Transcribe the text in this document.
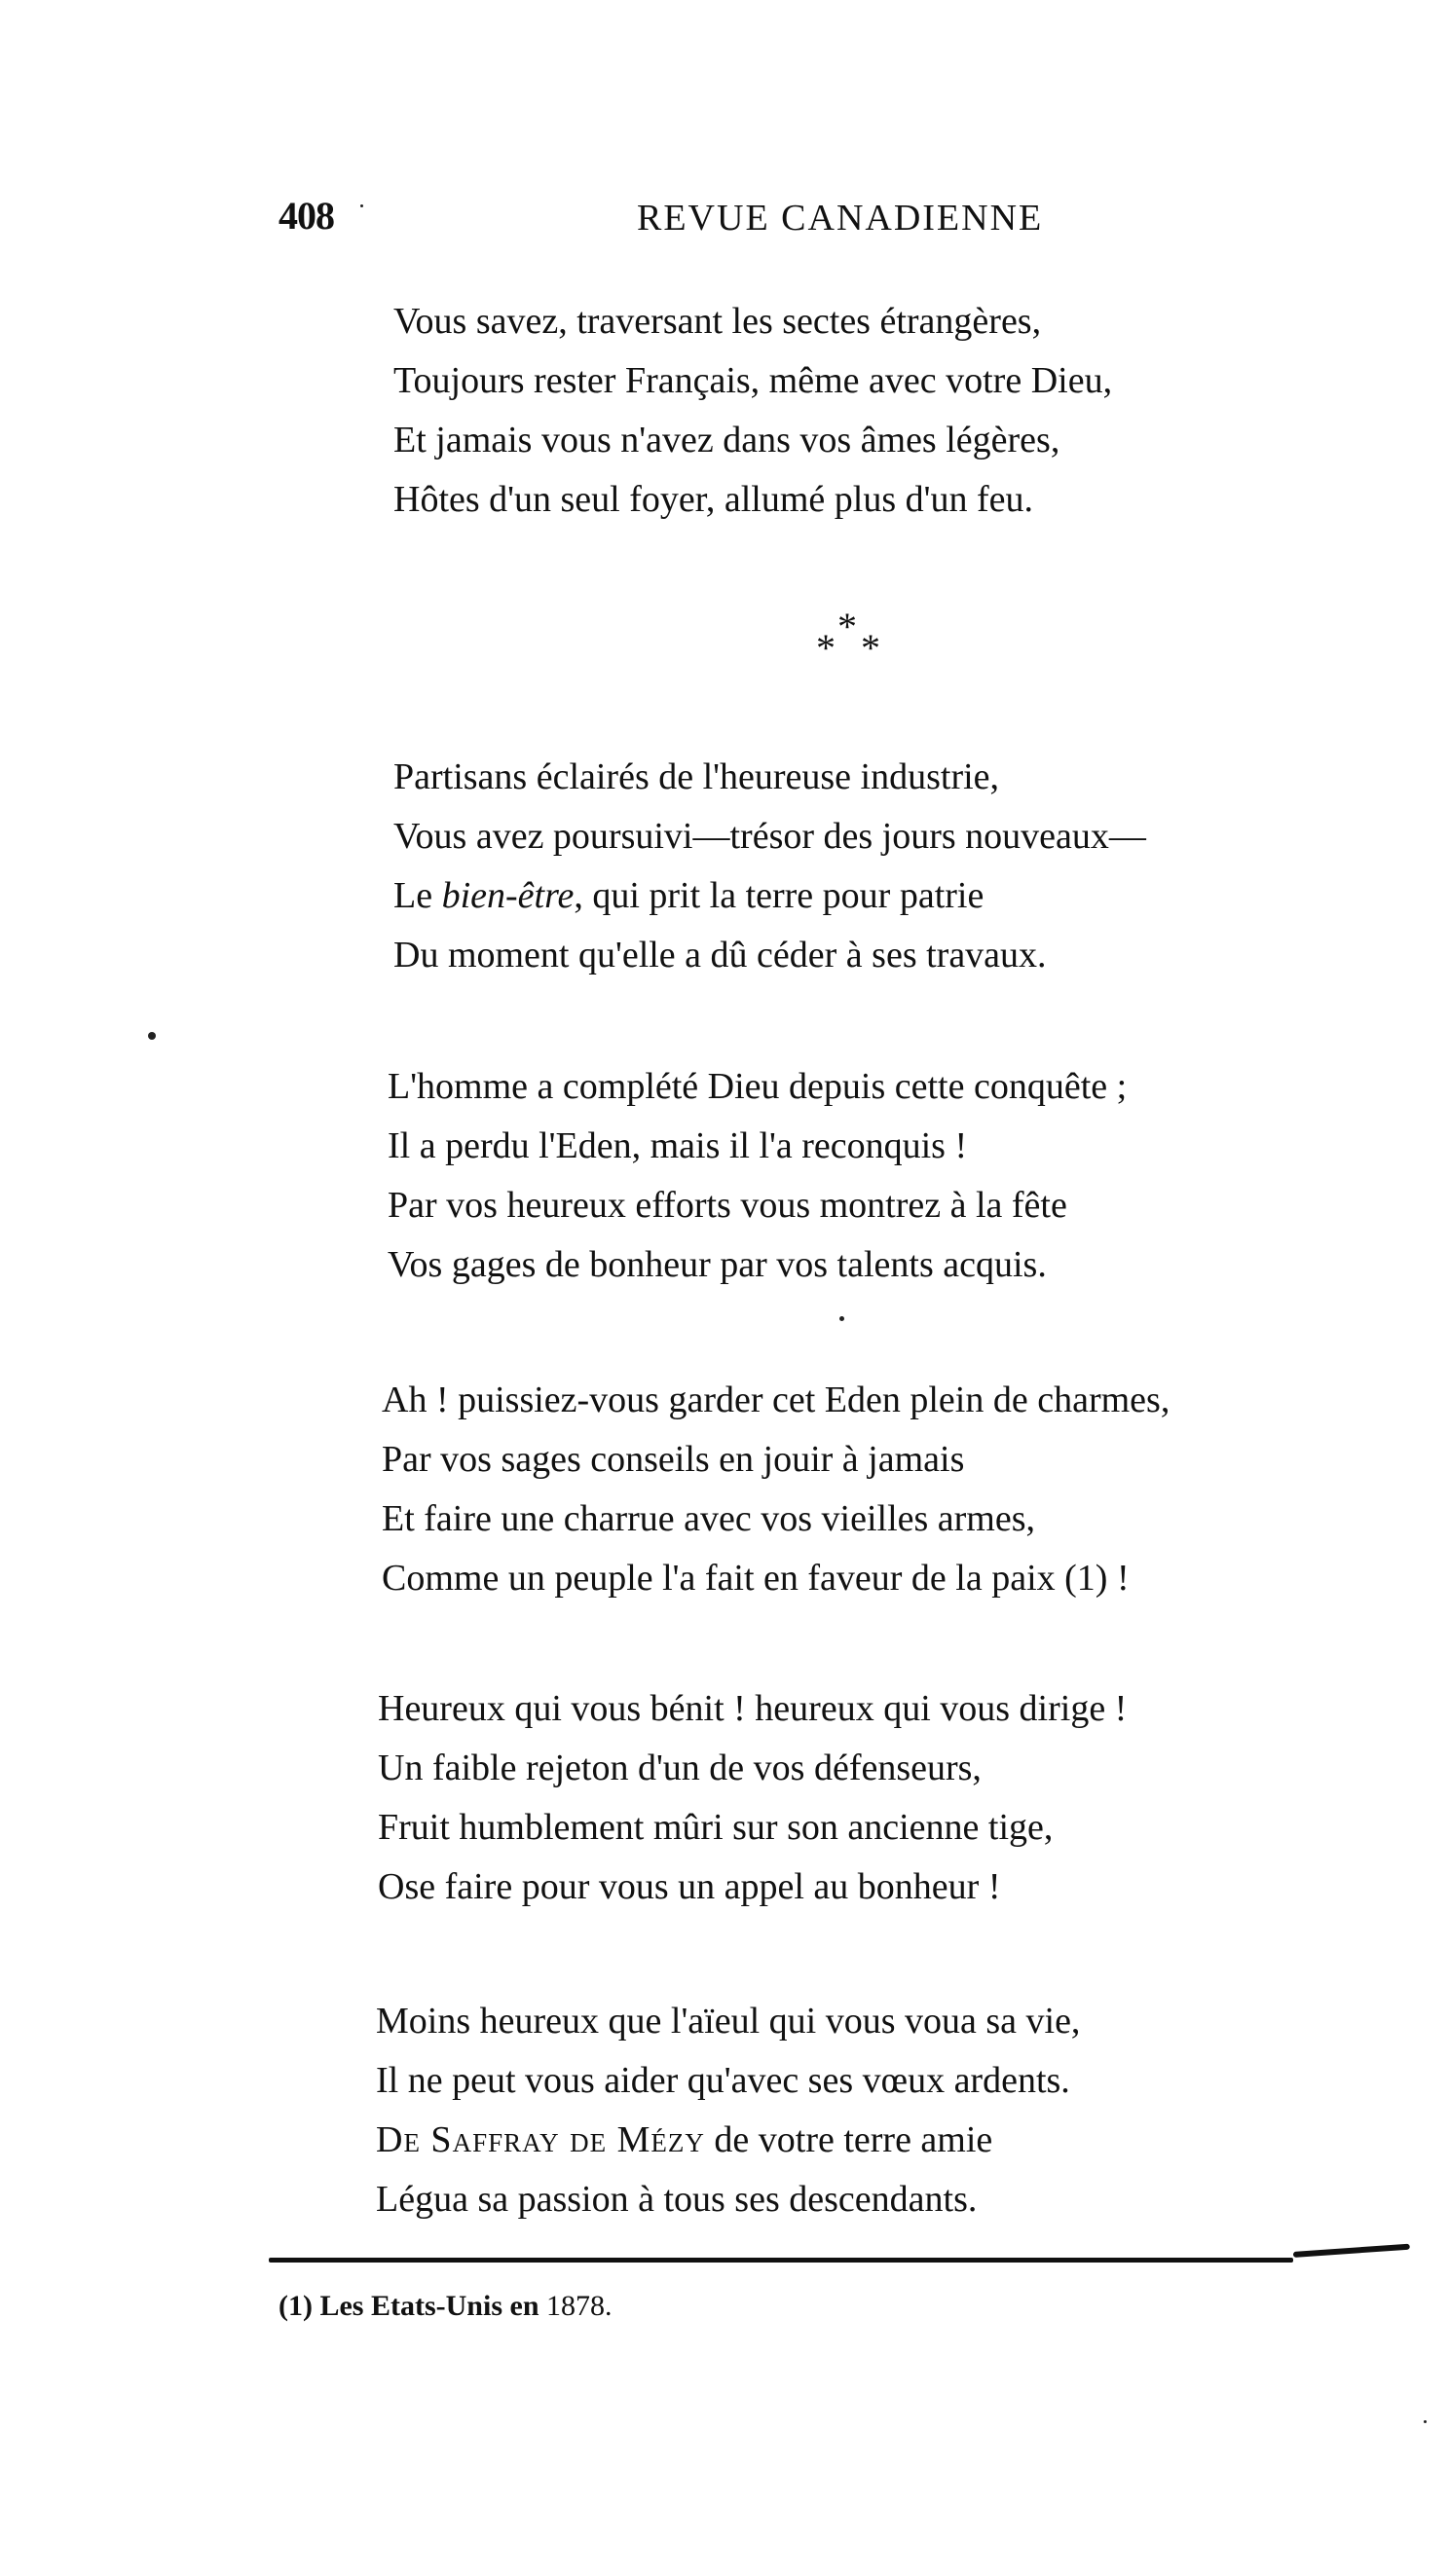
408	REVUE CANADIENNE
Vous savez, traversant les sectes étrangères,
Toujours rester Français, même avec votre Dieu,
Et jamais vous n'avez dans vos âmes légères,
Hôtes d'un seul foyer, allumé plus d'un feu.
*
* *
Partisans éclairés de l'heureuse industrie,
Vous avez poursuivi—trésor des jours nouveaux—
Le bien-être, qui prit la terre pour patrie
Du moment qu'elle a dû céder à ses travaux.
L'homme a complété Dieu depuis cette conquête ;
Il a perdu l'Eden, mais il l'a reconquis !
Par vos heureux efforts vous montrez à la fête
Vos gages de bonheur par vos talents acquis.
Ah ! puissiez-vous garder cet Eden plein de charmes,
Par vos sages conseils en jouir à jamais
Et faire une charrue avec vos vieilles armes,
Comme un peuple l'a fait en faveur de la paix (1) !
Heureux qui vous bénit ! heureux qui vous dirige !
Un faible rejeton d'un de vos défenseurs,
Fruit humblement mûri sur son ancienne tige,
Ose faire pour vous un appel au bonheur !
Moins heureux que l'aïeul qui vous voua sa vie,
Il ne peut vous aider qu'avec ses vœux ardents.
De Saffray de Mézy de votre terre amie
Légua sa passion à tous ses descendants.
(1) Les Etats-Unis en 1878.
